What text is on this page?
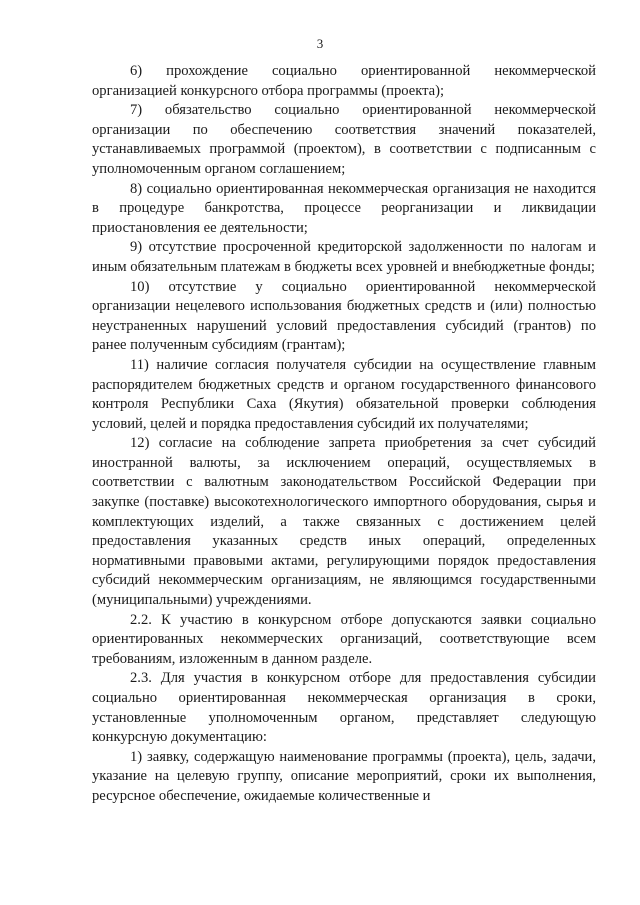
3

6) прохождение социально ориентированной некоммерческой организацией конкурсного отбора программы (проекта);

7) обязательство социально ориентированной некоммерческой организации по обеспечению соответствия значений показателей, устанавливаемых программой (проектом), в соответствии с подписанным с уполномоченным органом соглашением;

8) социально ориентированная некоммерческая организация не находится в процедуре банкротства, процессе реорганизации и ликвидации приостановления ее деятельности;

9) отсутствие просроченной кредиторской задолженности по налогам и иным обязательным платежам в бюджеты всех уровней и внебюджетные фонды;

10) отсутствие у социально ориентированной некоммерческой организации нецелевого использования бюджетных средств и (или) полностью неустраненных нарушений условий предоставления субсидий (грантов) по ранее полученным субсидиям (грантам);

11) наличие согласия получателя субсидии на осуществление главным распорядителем бюджетных средств и органом государственного финансового контроля Республики Саха (Якутия) обязательной проверки соблюдения условий, целей и порядка предоставления субсидий их получателями;

12) согласие на соблюдение запрета приобретения за счет субсидий иностранной валюты, за исключением операций, осуществляемых в соответствии с валютным законодательством Российской Федерации при закупке (поставке) высокотехнологического импортного оборудования, сырья и комплектующих изделий, а также связанных с достижением целей предоставления указанных средств иных операций, определенных нормативными правовыми актами, регулирующими порядок предоставления субсидий некоммерческим организациям, не являющимся государственными (муниципальными) учреждениями.

2.2. К участию в конкурсном отборе допускаются заявки социально ориентированных некоммерческих организаций, соответствующие всем требованиям, изложенным в данном разделе.

2.3. Для участия в конкурсном отборе для предоставления субсидии социально ориентированная некоммерческая организация в сроки, установленные уполномоченным органом, представляет следующую конкурсную документацию:

1) заявку, содержащую наименование программы (проекта), цель, задачи, указание на целевую группу, описание мероприятий, сроки их выполнения, ресурсное обеспечение, ожидаемые количественные и
